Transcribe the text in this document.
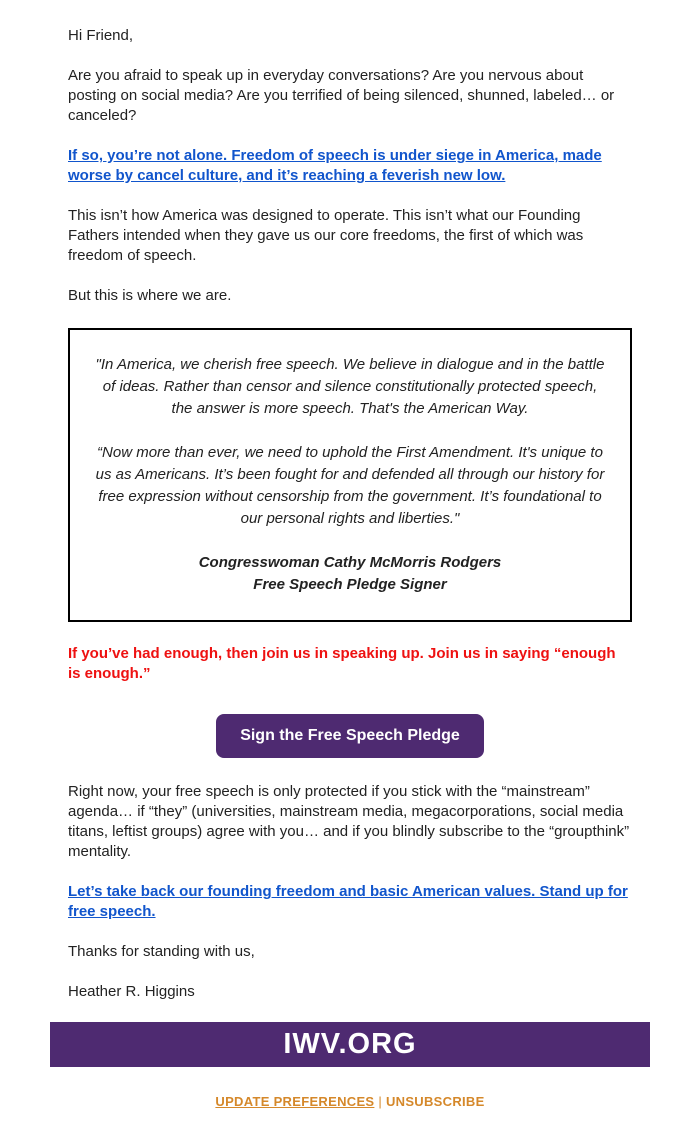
Hi Friend,

Are you afraid to speak up in everyday conversations? Are you nervous about posting on social media? Are you terrified of being silenced, shunned, labeled… or canceled?

If so, you’re not alone. Freedom of speech is under siege in America, made worse by cancel culture, and it’s reaching a feverish new low.

This isn’t how America was designed to operate. This isn’t what our Founding Fathers intended when they gave us our core freedoms, the first of which was freedom of speech.

But this is where we are.

"In America, we cherish free speech. We believe in dialogue and in the battle of ideas. Rather than censor and silence constitutionally protected speech, the answer is more speech. That's the American Way.

“Now more than ever, we need to uphold the First Amendment. It's unique to us as Americans. It’s been fought for and defended all through our history for free expression without censorship from the government. It’s foundational to our personal rights and liberties."

Congresswoman Cathy McMorris Rodgers

Free Speech Pledge Signer

If you’ve had enough, then join us in speaking up. Join us in saying “enough is enough.”

Sign the Free Speech Pledge

Right now, your free speech is only protected if you stick with the “mainstream” agenda… if “they” (universities, mainstream media, megacorporations, social media titans, leftist groups) agree with you… and if you blindly subscribe to the “groupthink” mentality.

Let’s take back our founding freedom and basic American values. Stand up for free speech.

Thanks for standing with us,

Heather R. Higgins

IWV.ORG
UPDATE PREFERENCES | UNSUBSCRIBE
